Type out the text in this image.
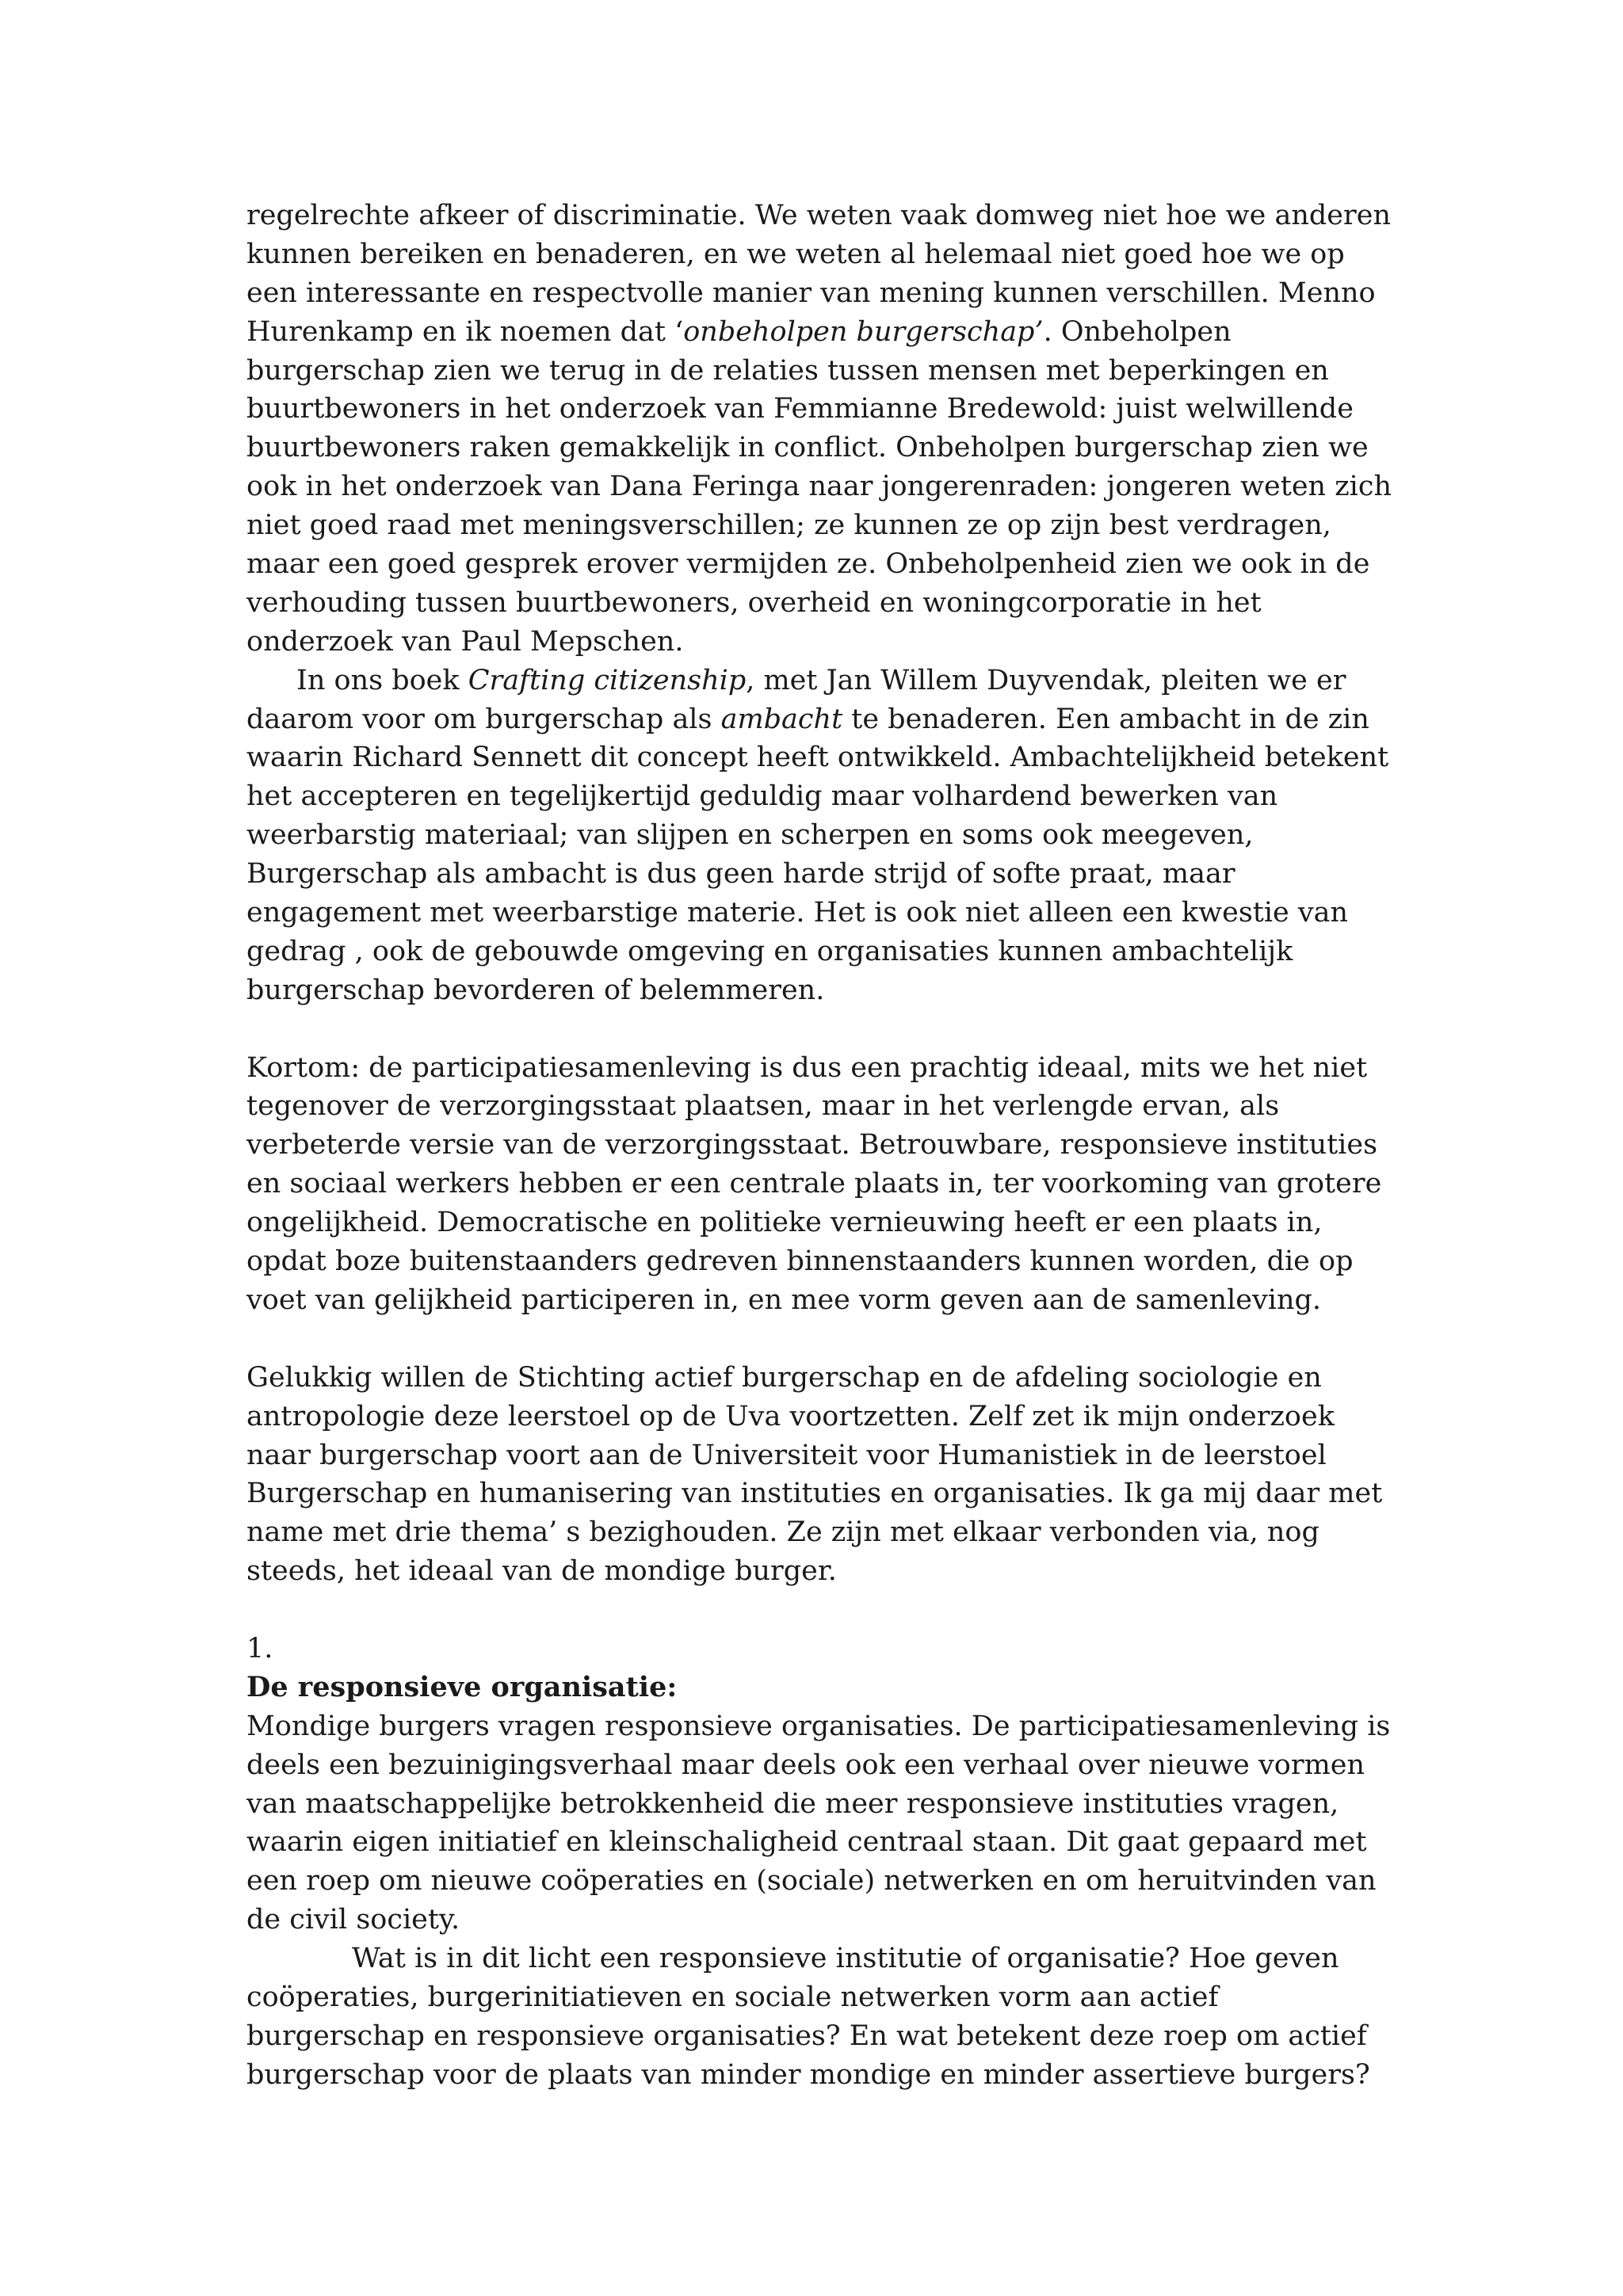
regelrechte afkeer of discriminatie. We weten vaak domweg niet hoe we anderen
kunnen bereiken en benaderen, en we weten al helemaal niet goed hoe we op
een interessante en respectvolle manier van mening kunnen verschillen. Menno
Hurenkamp en ik noemen dat ‘onbeholpen burgerschap’. Onbeholpen
burgerschap zien we terug in de relaties tussen mensen met beperkingen en
buurtbewoners in het onderzoek van Femmianne Bredewold: juist welwillende
buurtbewoners raken gemakkelijk in conflict. Onbeholpen burgerschap zien we
ook in het onderzoek van Dana Feringa naar jongerenraden: jongeren weten zich
niet goed raad met meningsverschillen; ze kunnen ze op zijn best verdragen,
maar een goed gesprek erover vermijden ze. Onbeholpenheid zien we ook in de
verhouding tussen buurtbewoners, overheid en woningcorporatie in het
onderzoek van Paul Mepschen.
In ons boek Crafting citizenship, met Jan Willem Duyvendak, pleiten we er
daarom voor om burgerschap als ambacht te benaderen. Een ambacht in de zin
waarin Richard Sennett dit concept heeft ontwikkeld. Ambachtelijkheid betekent
het accepteren en tegelijkertijd geduldig maar volhardend bewerken van
weerbarstig materiaal; van slijpen en scherpen en soms ook meegeven,
Burgerschap als ambacht is dus geen harde strijd of softe praat, maar
engagement met weerbarstige materie. Het is ook niet alleen een kwestie van
gedrag , ook de gebouwde omgeving en organisaties kunnen ambachtelijk
burgerschap bevorderen of belemmeren.
Kortom: de participatiesamenleving is dus een prachtig ideaal, mits we het niet
tegenover de verzorgingsstaat plaatsen, maar in het verlengde ervan, als
verbeterde versie van de verzorgingsstaat. Betrouwbare, responsieve instituties
en sociaal werkers hebben er een centrale plaats in, ter voorkoming van grotere
ongelijkheid. Democratische en politieke vernieuwing heeft er een plaats in,
opdat boze buitenstaanders gedreven binnenstaanders kunnen worden, die op
voet van gelijkheid participeren in, en mee vorm geven aan de samenleving.
Gelukkig willen de Stichting actief burgerschap en de afdeling sociologie en
antropologie deze leerstoel op de Uva voortzetten. Zelf zet ik mijn onderzoek
naar burgerschap voort aan de Universiteit voor Humanistiek in de leerstoel
Burgerschap en humanisering van instituties en organisaties. Ik ga mij daar met
name met drie thema’ s bezighouden. Ze zijn met elkaar verbonden via, nog
steeds, het ideaal van de mondige burger.
1.
De responsieve organisatie:
Mondige burgers vragen responsieve organisaties. De participatiesamenleving is
deels een bezuinigingsverhaal maar deels ook een verhaal over nieuwe vormen
van maatschappelijke betrokkenheid die meer responsieve instituties vragen,
waarin eigen initiatief en kleinschaligheid centraal staan. Dit gaat gepaard met
een roep om nieuwe coöperaties en (sociale) netwerken en om heruitvinden van
de civil society.
Wat is in dit licht een responsieve institutie of organisatie? Hoe geven
coöperaties, burgerinitiatieven en sociale netwerken vorm aan actief
burgerschap en responsieve organisaties? En wat betekent deze roep om actief
burgerschap voor de plaats van minder mondige en minder assertieve burgers?
